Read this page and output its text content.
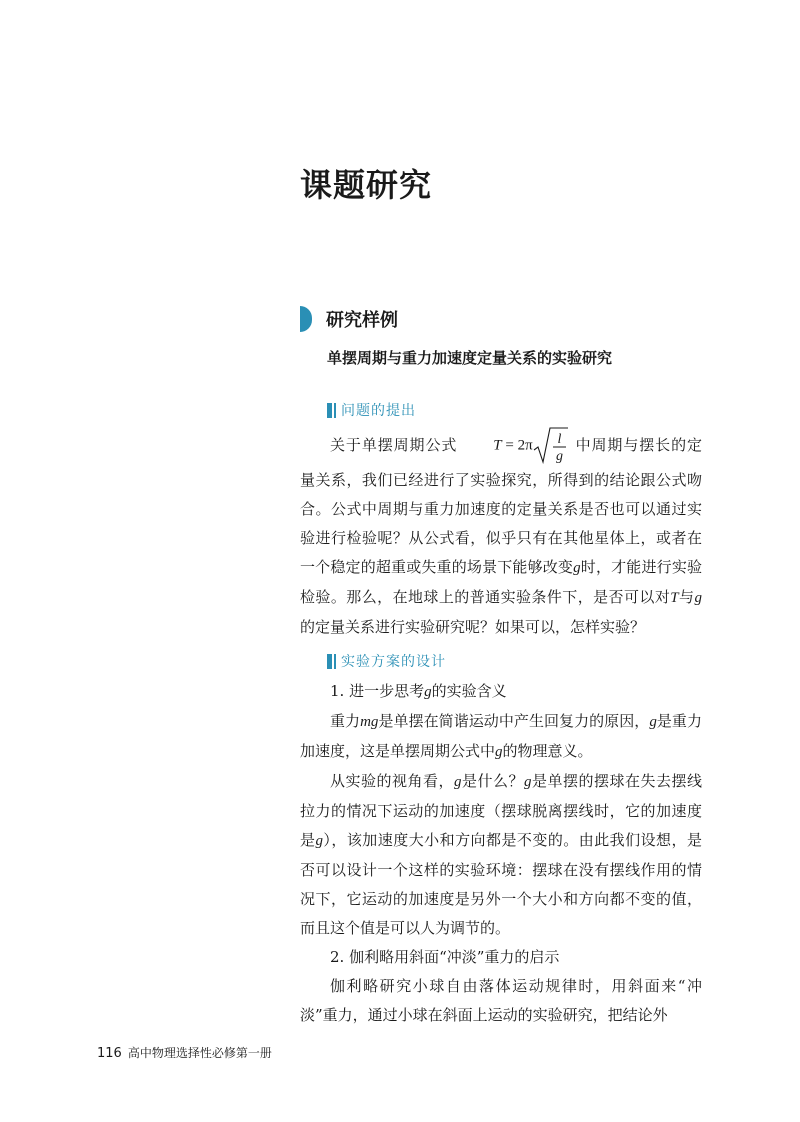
课题研究
研究样例
单摆周期与重力加速度定量关系的实验研究
问题的提出

关于单摆周期公式 T = 2π l
g
中周期与摆长的定量关系，我们已经进行了实验探究，所得到的结论跟公式吻合。公式中周期与重力加速度的定量关系是否也可以通过实验进行检验呢？从公式看，似乎只有在其他星体上，或者在一个稳定的超重或失重的场景下能够改变g时，才能进行实验检验。那么，在地球上的普通实验条件下，是否可以对T与g的定量关系进行实验研究呢？如果可以，怎样实验？

实验方案的设计

1. 进一步思考g的实验含义

重力mg是单摆在简谐运动中产生回复力的原因，g是重力加速度，这是单摆周期公式中g的物理意义。

从实验的视角看，g是什么？g是单摆的摆球在失去摆线拉力的情况下运动的加速度（摆球脱离摆线时，它的加速度是g），该加速度大小和方向都是不变的。由此我们设想，是否可以设计一个这样的实验环境：摆球在没有摆线作用的情况下，它运动的加速度是另外一个大小和方向都不变的值，而且这个值是可以人为调节的。

2. 伽利略用斜面“冲淡”重力的启示

伽利略研究小球自由落体运动规律时，用斜面来“冲淡”重力，通过小球在斜面上运动的实验研究，把结论外

116 高中物理选择性必修第一册
